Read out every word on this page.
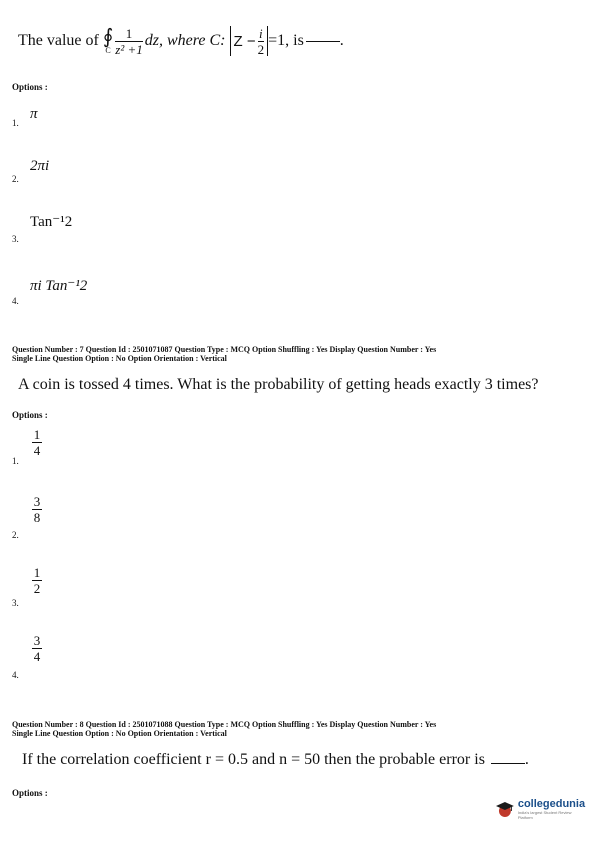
The value of ∮
C $\frac{1}{\text{z² +1}}$ dz, where C: $Z - \frac{i}{2} =1$, is .
Options :
π
1.
2πi
2.
Tan⁻¹2
3.
πi Tan⁻¹2
4.
Question Number : 7 Question Id : 2501071087 Question Type : MCQ Option Shuffling : Yes Display Question Number : Yes
Single Line Question Option : No Option Orientation : Vertical
A coin is tossed 4 times. What is the probability of getting heads exactly 3 times?
Options :
1
4
1.
3
8
2.
1
2
3.
3
4
4.
Question Number : 8 Question Id : 2501071088 Question Type : MCQ Option Shuffling : Yes Display Question Number : Yes
Single Line Question Option : No Option Orientation : Vertical
If the correlation coefficient r = 0.5 and n = 50 then the probable error is	.
Options :
collegedunia
India's largest Student Review Platform
